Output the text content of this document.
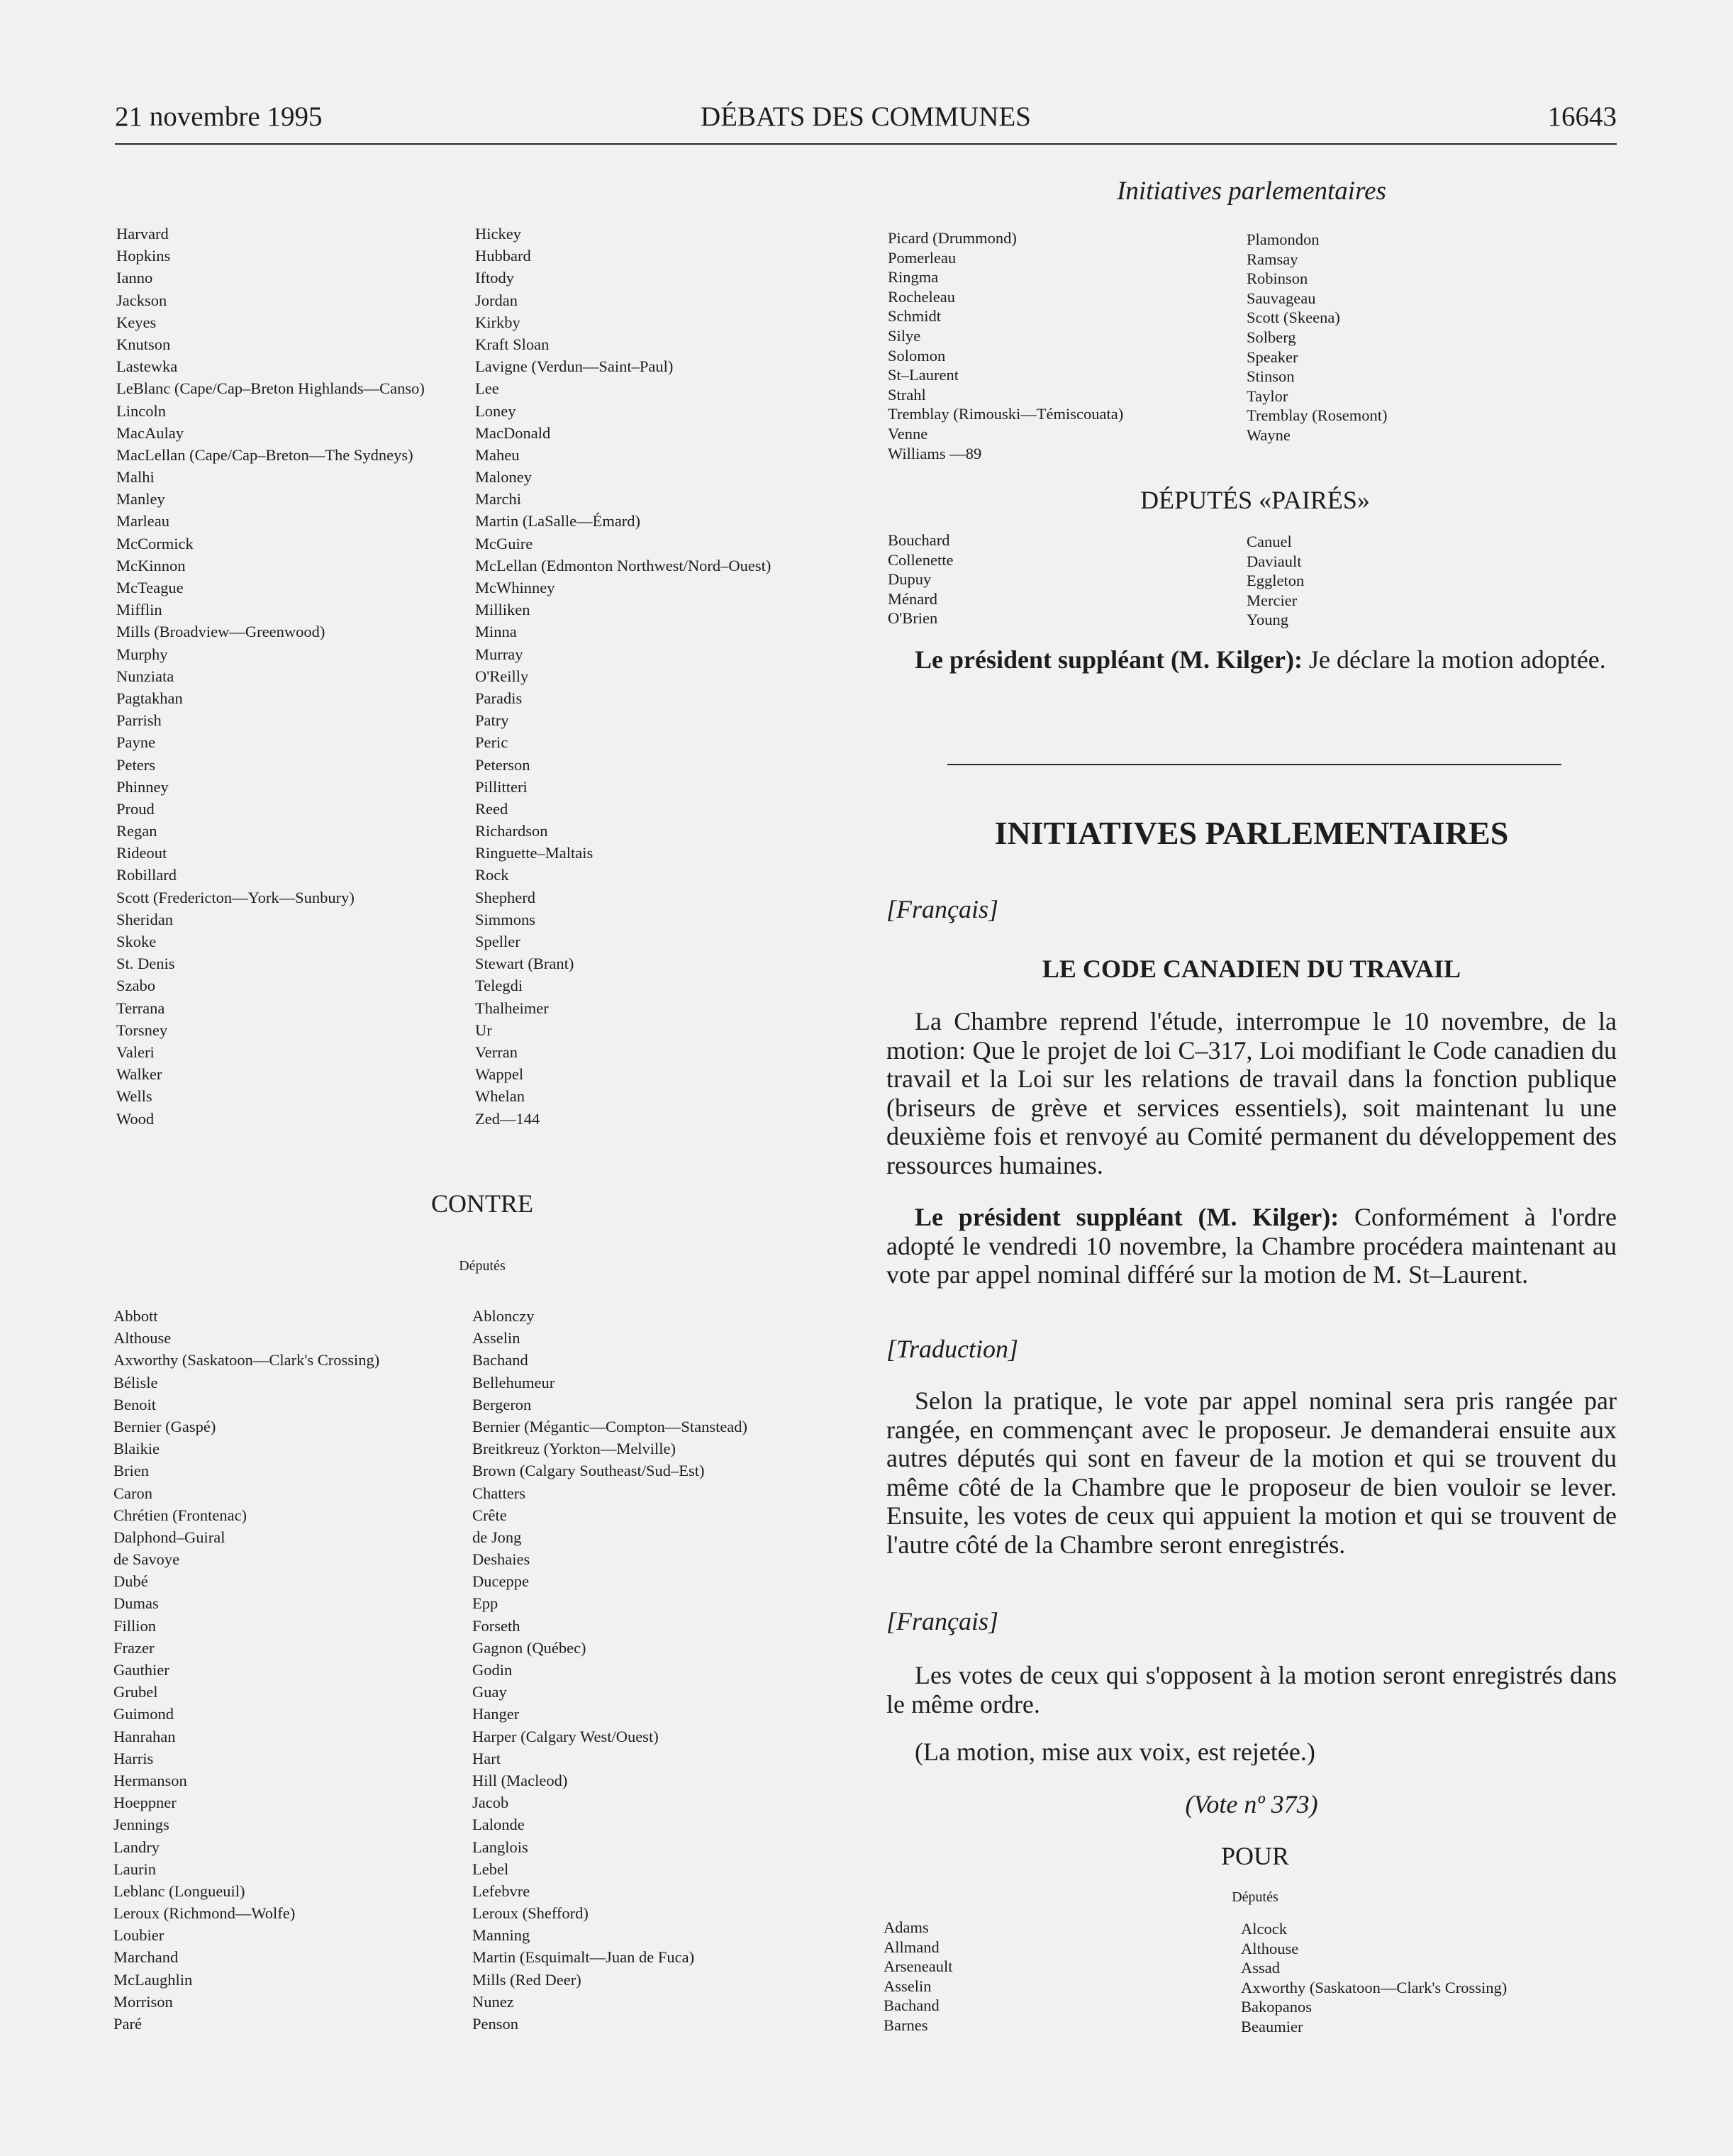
21 novembre 1995	DÉBATS DES COMMUNES	16643
Initiatives parlementaires
Harvard
Hopkins
Ianno
Jackson
Keyes
Knutson
Lastewka
LeBlanc (Cape/Cap–Breton Highlands—Canso)
Lincoln
MacAulay
MacLellan (Cape/Cap–Breton—The Sydneys)
Malhi
Manley
Marleau
McCormick
McKinnon
McTeague
Mifflin
Mills (Broadview—Greenwood)
Murphy
Nunziata
Pagtakhan
Parrish
Payne
Peters
Phinney
Proud
Regan
Rideout
Robillard
Scott (Fredericton—York—Sunbury)
Sheridan
Skoke
St. Denis
Szabo
Terrana
Torsney
Valeri
Walker
Wells
Wood
Hickey
Hubbard
Iftody
Jordan
Kirkby
Kraft Sloan
Lavigne (Verdun—Saint–Paul)
Lee
Loney
MacDonald
Maheu
Maloney
Marchi
Martin (LaSalle—Émard)
McGuire
McLellan (Edmonton Northwest/Nord–Ouest)
McWhinney
Milliken
Minna
Murray
O'Reilly
Paradis
Patry
Peric
Peterson
Pillitteri
Reed
Richardson
Ringuette–Maltais
Rock
Shepherd
Simmons
Speller
Stewart (Brant)
Telegdi
Thalheimer
Ur
Verran
Wappel
Whelan
Zed—144
CONTRE
Députés
Abbott
Althouse
Axworthy (Saskatoon—Clark's Crossing)
Bélisle
Benoit
Bernier (Gaspé)
Blaikie
Brien
Caron
Chrétien (Frontenac)
Dalphond–Guiral
de Savoye
Dubé
Dumas
Fillion
Frazer
Gauthier
Grubel
Guimond
Hanrahan
Harris
Hermanson
Hoeppner
Jennings
Landry
Laurin
Leblanc (Longueuil)
Leroux (Richmond—Wolfe)
Loubier
Marchand
McLaughlin
Morrison
Paré
Ablonczy
Asselin
Bachand
Bellehumeur
Bergeron
Bernier (Mégantic—Compton—Stanstead)
Breitkreuz (Yorkton—Melville)
Brown (Calgary Southeast/Sud–Est)
Chatters
Crête
de Jong
Deshaies
Duceppe
Epp
Forseth
Gagnon (Québec)
Godin
Guay
Hanger
Harper (Calgary West/Ouest)
Hart
Hill (Macleod)
Jacob
Lalonde
Langlois
Lebel
Lefebvre
Leroux (Shefford)
Manning
Martin (Esquimalt—Juan de Fuca)
Mills (Red Deer)
Nunez
Penson
Picard (Drummond)
Pomerleau
Ringma
Rocheleau
Schmidt
Silye
Solomon
St–Laurent
Strahl
Tremblay (Rimouski—Témiscouata)
Venne
Williams —89
Plamondon
Ramsay
Robinson
Sauvageau
Scott (Skeena)
Solberg
Speaker
Stinson
Taylor
Tremblay (Rosemont)
Wayne
DÉPUTÉS «PAIRÉS»
Bouchard
Collenette
Dupuy
Ménard
O'Brien
Canuel
Daviault
Eggleton
Mercier
Young

Le président suppléant (M. Kilger): Je déclare la motion adoptée.

INITIATIVES PARLEMENTAIRES
[Français]
LE CODE CANADIEN DU TRAVAIL
La Chambre reprend l'étude, interrompue le 10 novembre, de la motion: Que le projet de loi C–317, Loi modifiant le Code canadien du travail et la Loi sur les relations de travail dans la fonction publique (briseurs de grève et services essentiels), soit maintenant lu une deuxième fois et renvoyé au Comité permanent du développement des ressources humaines.

Le président suppléant (M. Kilger): Conformément à l'ordre adopté le vendredi 10 novembre, la Chambre procédera maintenant au vote par appel nominal différé sur la motion de M. St–Laurent.

[Traduction]
Selon la pratique, le vote par appel nominal sera pris rangée par rangée, en commençant avec le proposeur. Je demanderai ensuite aux autres députés qui sont en faveur de la motion et qui se trouvent du même côté de la Chambre que le proposeur de bien vouloir se lever. Ensuite, les votes de ceux qui appuient la motion et qui se trouvent de l'autre côté de la Chambre seront enregistrés.
[Français]
Les votes de ceux qui s'opposent à la motion seront enregistrés dans le même ordre.
(La motion, mise aux voix, est rejetée.)
(Vote nº 373)
POUR
Députés
Adams
Allmand
Arseneault
Asselin
Bachand
Barnes
Alcock
Althouse
Assad
Axworthy (Saskatoon—Clark's Crossing)
Bakopanos
Beaumier
